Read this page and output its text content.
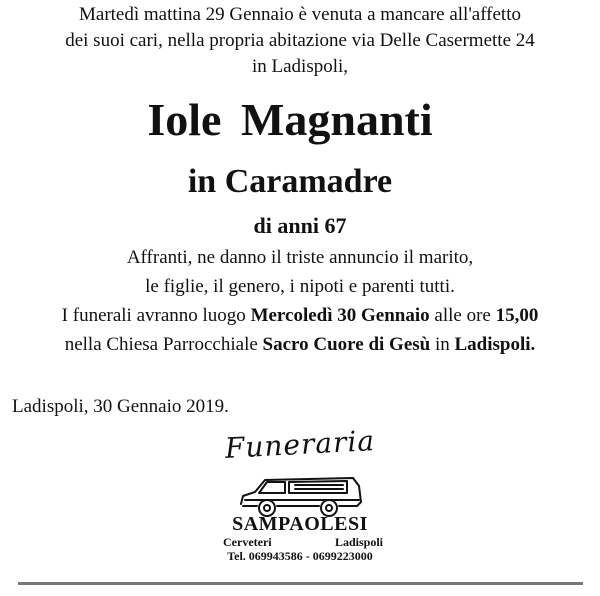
Martedì mattina 29 Gennaio è venuta a mancare all'affetto
dei suoi cari, nella propria abitazione via Delle Casermette 24
in Ladispoli,
Iole Magnanti
in Caramadre
di anni 67
Affranti, ne danno il triste annuncio il marito,
le figlie, il genero, i nipoti e parenti tutti.
I funerali avranno luogo Mercoledì 30 Gennaio alle ore 15,00
nella Chiesa Parrocchiale Sacro Cuore di Gesù in Ladispoli.
Ladispoli, 30 Gennaio 2019.
Funeraria
SAMPAOLESI
Cerveteri	Ladispoli
Tel. 069943586 - 0699223000
